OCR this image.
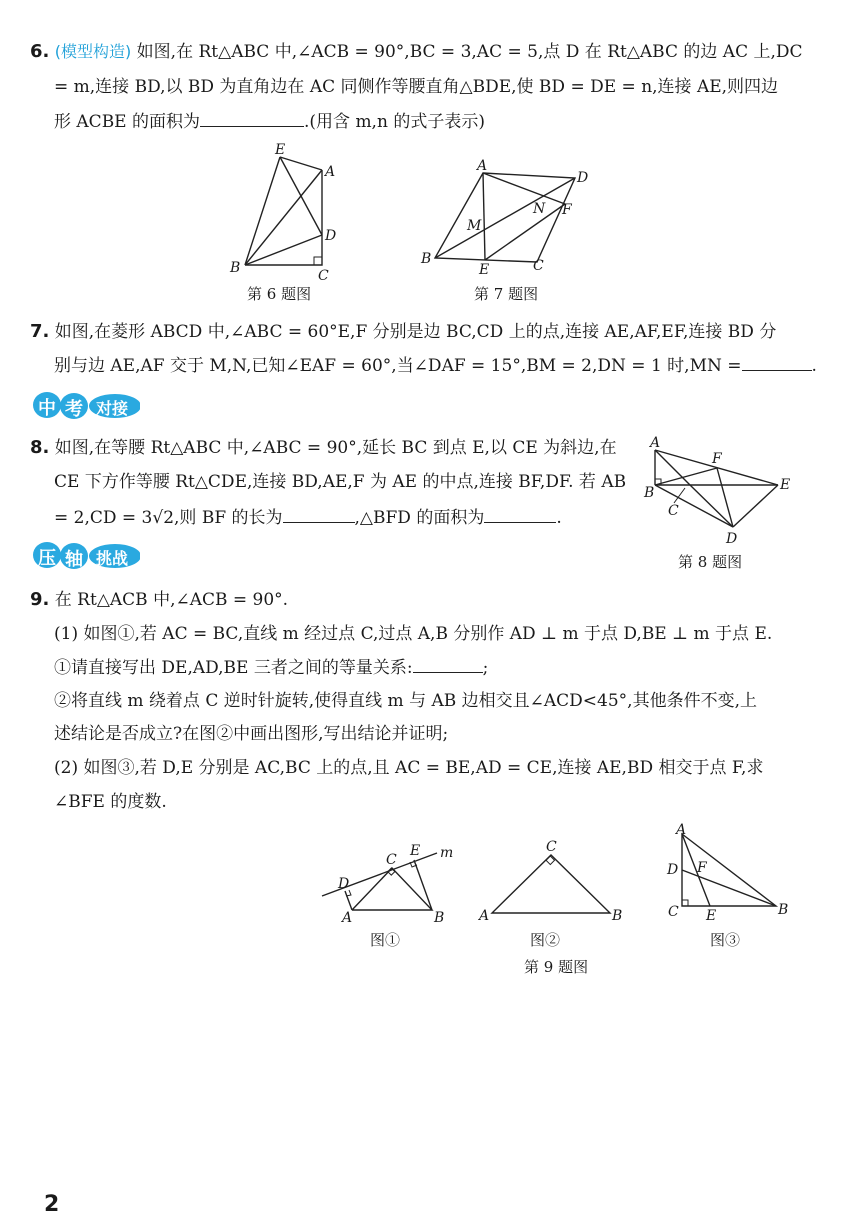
6. (模型构造) 如图,在 Rt△ABC 中,∠ACB = 90°,BC = 3,AC = 5,点 D 在 Rt△ABC 的边 AC 上,DC
= m,连接 BD,以 BD 为直角边在 AC 同侧作等腰直角△BDE,使 BD = DE = n,连接 AE,则四边
形 ACBE 的面积为	.(用含 m,n 的式子表示)
E
A
D
B	C
第 6 题图
A
D
N F
M
B
E	C
第 7 题图
7. 如图,在菱形 ABCD 中,∠ABC = 60°E,F 分别是边 BC,CD 上的点,连接 AE,AF,EF,连接 BD 分
别与边 AE,AF 交于 M,N,已知∠EAF = 60°,当∠DAF = 15°,BM = 2,DN = 1 时,MN =	.
中 考 对接
8. 如图,在等腰 Rt△ABC 中,∠ABC = 90°,延长 BC 到点 E,以 CE 为斜边,在
CE 下方作等腰 Rt△CDE,连接 BD,AE,F 为 AE 的中点,连接 BF,DF. 若 AB
= 2,CD = 3√2,则 BF 的长为	,△BFD 的面积为	.
A
F
E
B
C
D
第 8 题图
压 轴 挑战
9. 在 Rt△ACB 中,∠ACB = 90°.
(1) 如图①,若 AC = BC,直线 m 经过点 C,过点 A,B 分别作 AD ⊥ m 于点 D,BE ⊥ m 于点 E.
①请直接写出 DE,AD,BE 三者之间的等量关系:	;
②将直线 m 绕着点 C 逆时针旋转,使得直线 m 与 AB 边相交且∠ACD<45°,其他条件不变,上
述结论是否成立?在图②中画出图形,写出结论并证明;
(2) 如图③,若 D,E 分别是 AC,BC 上的点,且 AC = BE,AD = CE,连接 AE,BD 相交于点 F,求
∠BFE 的度数.
D
C
E m
A	B
图①
C
A	B
图②
A
D F
C E	B
图③
第 9 题图
2
